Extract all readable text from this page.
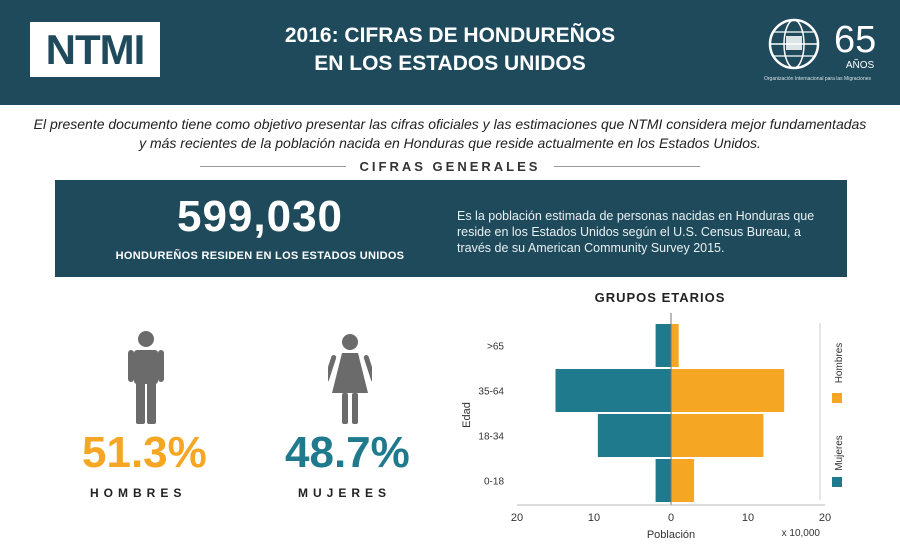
NTMI	2016: CIFRAS DE HONDUREÑOS
EN LOS ESTADOS UNIDOS
65
AÑOS
Organización Internacional para las Migraciones
El presente documento tiene como objetivo presentar las cifras oficiales y las estimaciones que NTMI considera mejor fundamentadas y más recientes de la población nacida en Honduras que reside actualmente en los Estados Unidos.
CIFRAS GENERALES
599,030
HONDUREÑOS RESIDEN EN LOS ESTADOS UNIDOS
Es la población estimada de personas nacidas en Honduras que reside en los Estados Unidos según el U.S. Census Bureau, a través de su American Community Survey 2015.
51.3%
HOMBRES
48.7%
MUJERES
GRUPOS ETARIOS
>65
35-64
18-34
0-18
20	10	0	10	20
Población	x 10,000
Edad
Hombres
Mujeres
